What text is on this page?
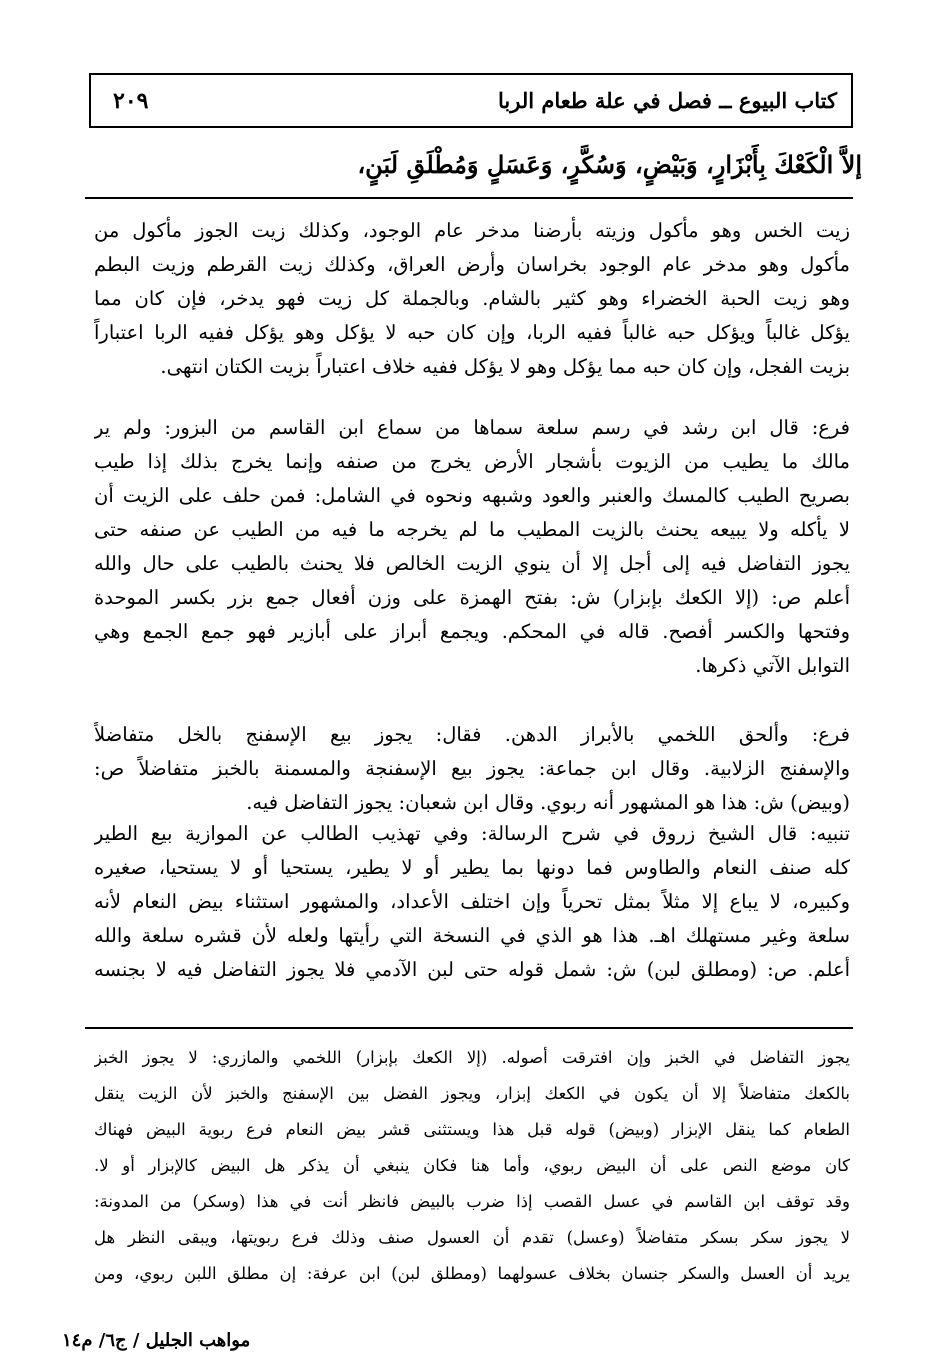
٢٠٩	كتاب البيوع ــ فصل في علة طعام الربا
إلاَّ الْكَعْكَ بِأَبْزَارٍ، وَبَيْضٍ، وَسُكَّرٍ، وَعَسَلٍ وَمُطْلَقِ لَبَنٍ،
زيت الخس وهو مأكول وزيته بأرضنا مدخر عام الوجود، وكذلك زيت الجوز مأكول من
مأكول وهو مدخر عام الوجود بخراسان وأرض العراق، وكذلك زيت القرطم وزيت البطم
وهو زيت الحبة الخضراء وهو كثير بالشام. وبالجملة كل زيت فهو يدخر، فإن كان مما
يؤكل غالباً ويؤكل حبه غالباً ففيه الربا، وإن كان حبه لا يؤكل وهو يؤكل ففيه الربا اعتباراً
بزيت الفجل، وإن كان حبه مما يؤكل وهو لا يؤكل ففيه خلاف اعتباراً بزيت الكتان انتهى.
فرع: قال ابن رشد في رسم سلعة سماها من سماع ابن القاسم من البزور: ولم ير
مالك ما يطيب من الزيوت بأشجار الأرض يخرج من صنفه وإنما يخرج بذلك إذا طيب
بصريح الطيب كالمسك والعنبر والعود وشبهه ونحوه في الشامل: فمن حلف على الزيت أن
لا يأكله ولا يبيعه يحنث بالزيت المطيب ما لم يخرجه ما فيه من الطيب عن صنفه حتى
يجوز التفاضل فيه إلى أجل إلا أن ينوي الزيت الخالص فلا يحنث بالطيب على حال والله
أعلم ص: (إلا الكعك بإبزار) ش: بفتح الهمزة على وزن أفعال جمع بزر بكسر الموحدة
وفتحها والكسر أفصح. قاله في المحكم. ويجمع أبراز على أبازير فهو جمع الجمع وهي
التوابل الآتي ذكرها.
فرع: وألحق اللخمي بالأبراز الدهن. فقال: يجوز بيع الإسفنج بالخل متفاضلاً
والإسفنج الزلابية. وقال ابن جماعة: يجوز بيع الإسفنجة والمسمنة بالخبز متفاضلاً ص:
(وبيض) ش: هذا هو المشهور أنه ربوي. وقال ابن شعبان: يجوز التفاضل فيه.
تنبيه: قال الشيخ زروق في شرح الرسالة: وفي تهذيب الطالب عن الموازية بيع الطير
كله صنف النعام والطاوس فما دونها بما يطير أو لا يطير، يستحيا أو لا يستحيا، صغيره
وكبيره، لا يباع إلا مثلاً بمثل تحرياً وإن اختلف الأعداد، والمشهور استثناء بيض النعام لأنه
سلعة وغير مستهلك اهـ. هذا هو الذي في النسخة التي رأيتها ولعله لأن قشره سلعة والله
أعلم. ص: (ومطلق لبن) ش: شمل قوله حتى لبن الآدمي فلا يجوز التفاضل فيه لا بجنسه
يجوز التفاضل في الخبز وإن افترقت أصوله. (إلا الكعك بإبزار) اللخمي والمازري: لا يجوز الخبز
بالكعك متفاضلاً إلا أن يكون في الكعك إبزار، ويجوز الفضل بين الإسفنج والخبز لأن الزيت ينقل
الطعام كما ينقل الإبزار (وبيض) قوله قبل هذا ويستثنى قشر بيض النعام فرع ربوية البيض فهناك
كان موضع النص على أن البيض ربوي، وأما هنا فكان ينبغي أن يذكر هل البيض كالإبزار أو لا.
وقد توقف ابن القاسم في عسل القصب إذا ضرب بالبيض فانظر أنت في هذا (وسكر) من المدونة:
لا يجوز سكر بسكر متفاضلاً (وعسل) تقدم أن العسول صنف وذلك فرع ربويتها، ويبقى النظر هل
يريد أن العسل والسكر جنسان بخلاف عسولهما (ومطلق لبن) ابن عرفة: إن مطلق اللبن ربوي، ومن
مواهب الجليل / ج٦/ م١٤
